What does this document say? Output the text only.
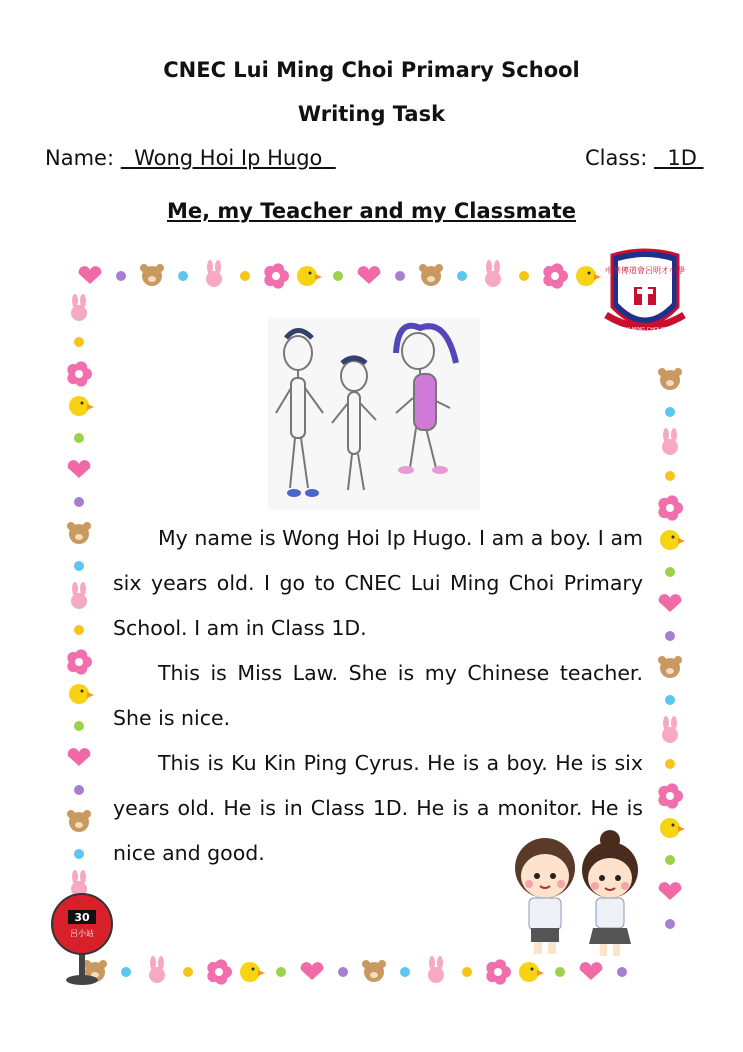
CNEC Lui Ming Choi Primary School
Writing Task
Name: Wong Hoi Ip Hugo	Class: 1D
Me, my Teacher and my Classmate
中華傳道會呂明才小學
CNEC LUI MING CHOI PRIMARY

My name is Wong Hoi Ip Hugo. I am a boy. I am six years old. I go to CNEC Lui Ming Choi Primary School. I am in Class 1D.

This is Miss Law. She is my Chinese teacher. She is nice.

This is Ku Kin Ping Cyrus. He is a boy. He is six years old. He is in Class 1D. He is a monitor. He is nice and good.

30
呂小站
